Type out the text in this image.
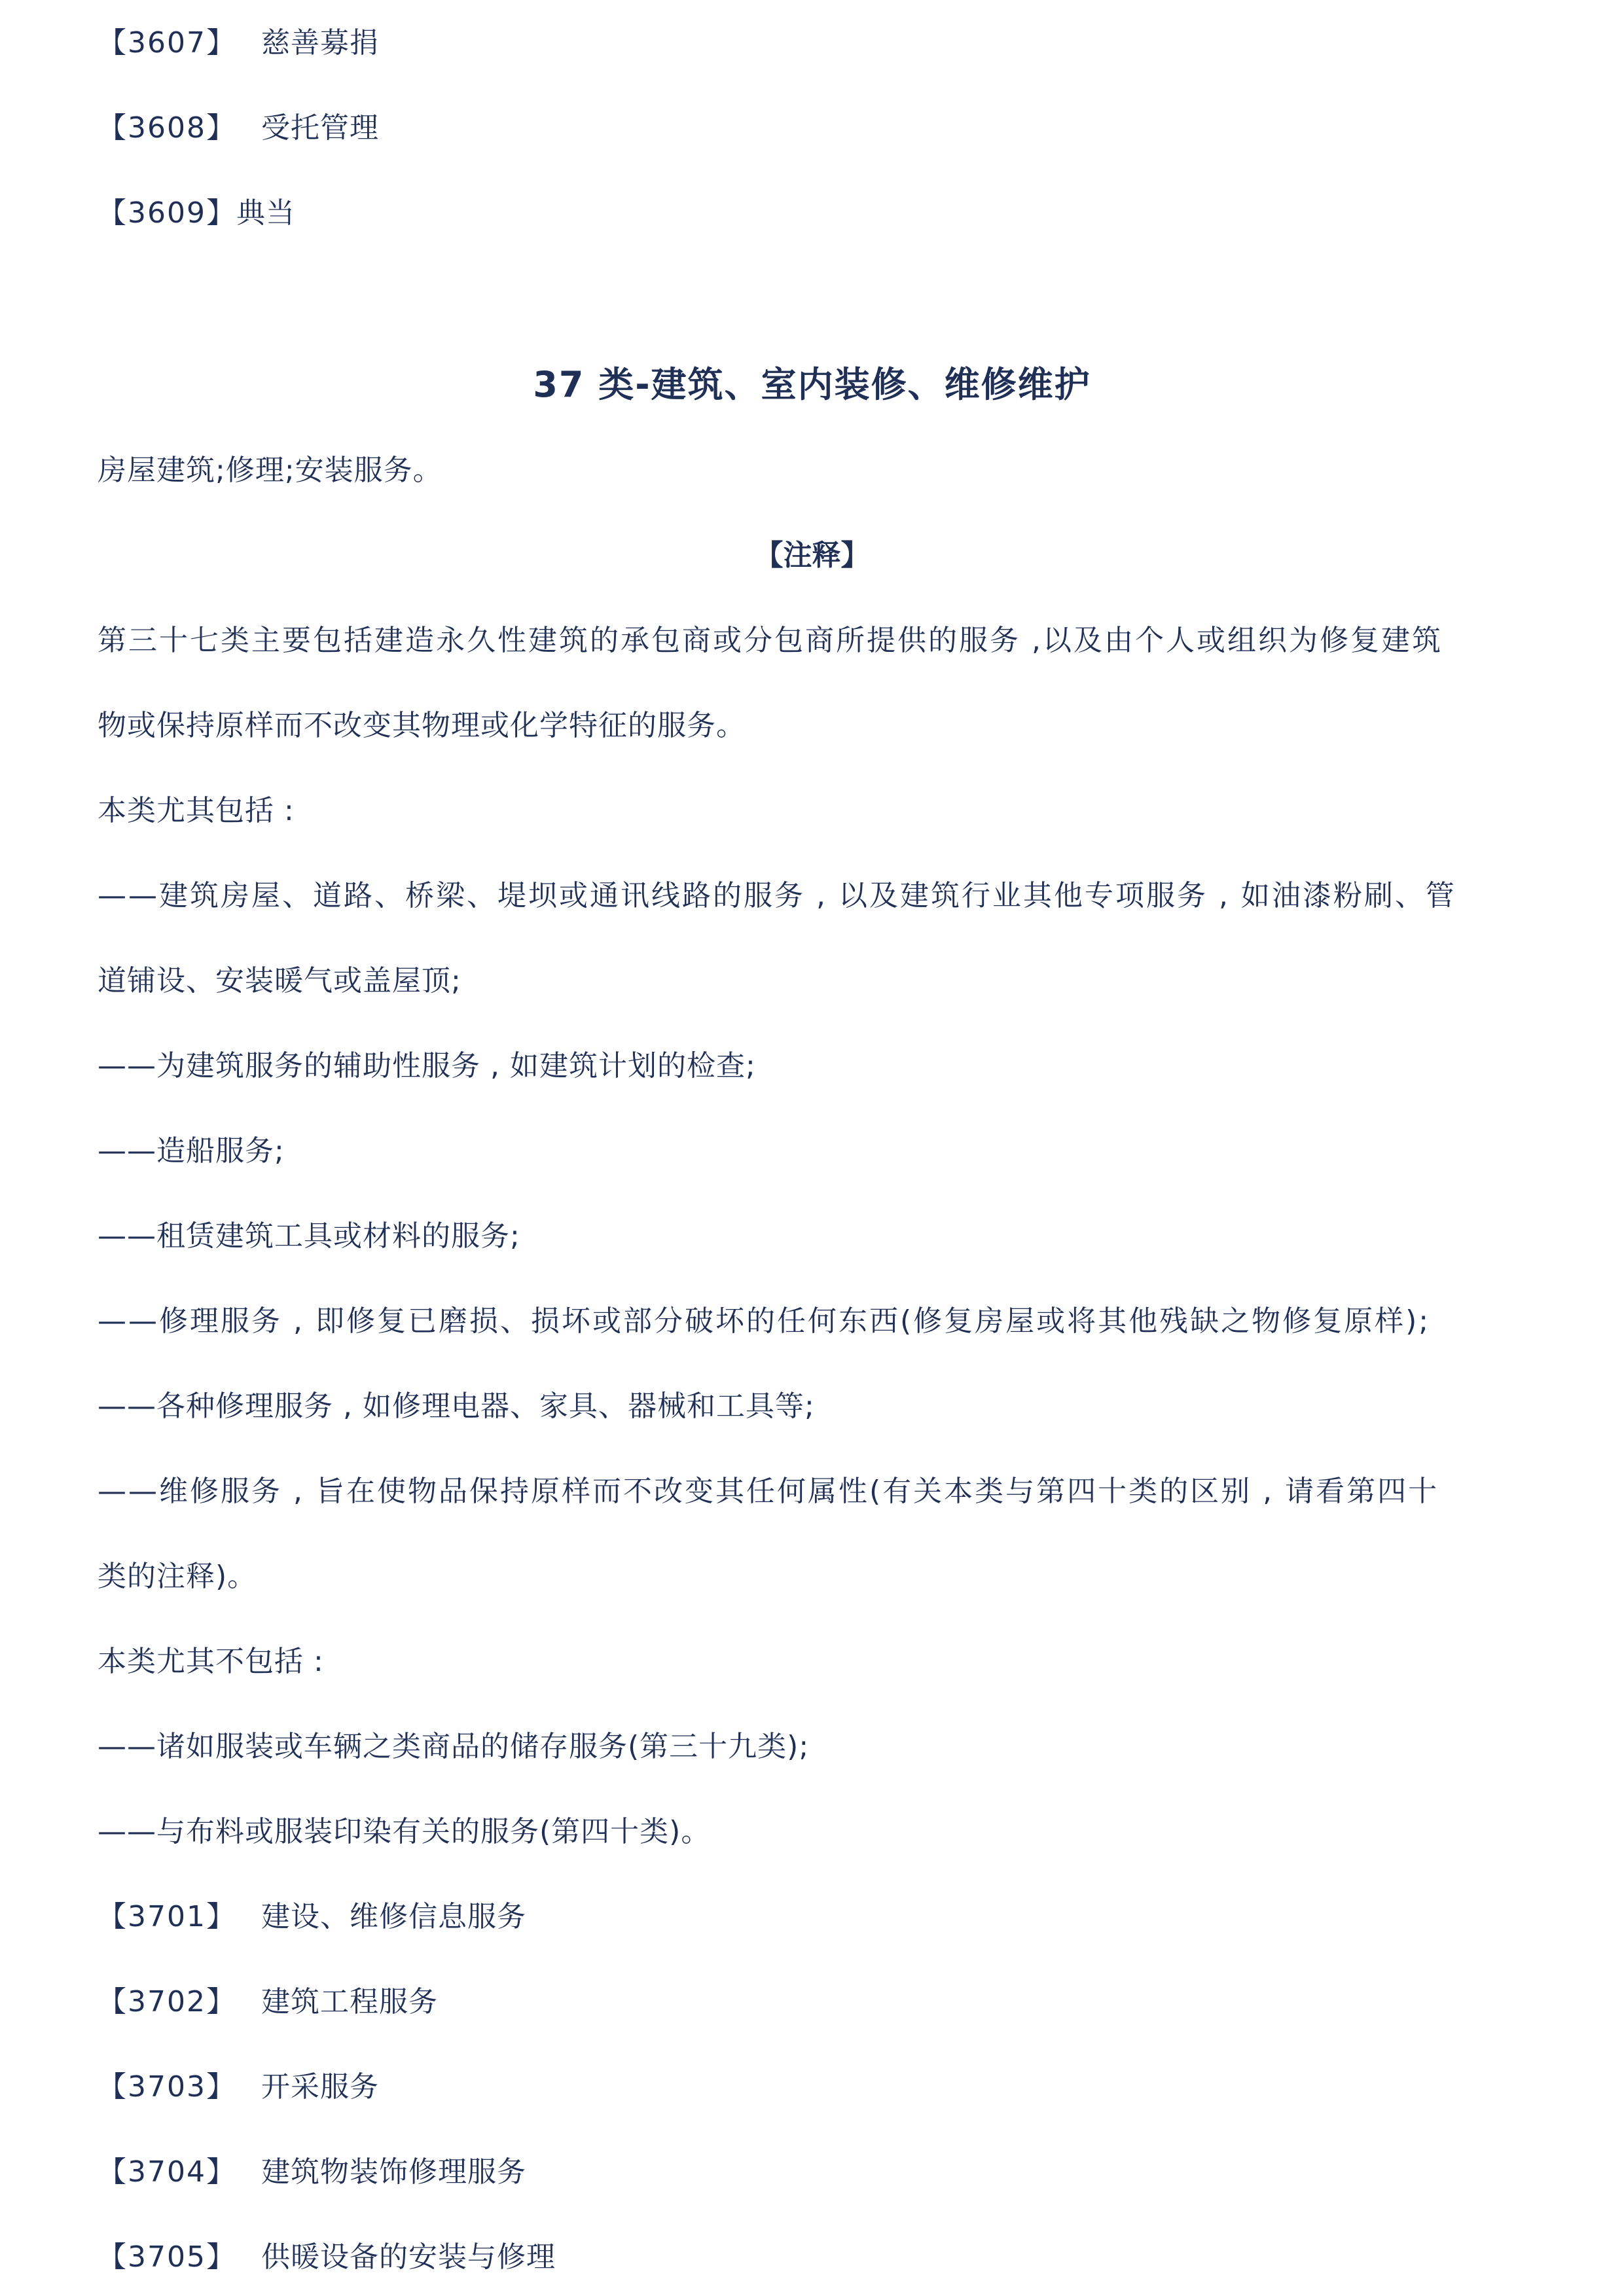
【3607】 慈善募捐
【3608】 受托管理
【3609】典当
37 类-建筑、室内装修、维修维护
房屋建筑;修理;安装服务。
【注释】
第三十七类主要包括建造永久性建筑的承包商或分包商所提供的服务 ,以及由个人或组织为修复建筑
物或保持原样而不改变其物理或化学特征的服务。
本类尤其包括 :
——建筑房屋、道路、桥梁、堤坝或通讯线路的服务 , 以及建筑行业其他专项服务 , 如油漆粉刷、管
道铺设、安装暖气或盖屋顶;
——为建筑服务的辅助性服务 , 如建筑计划的检查;
——造船服务;
——租赁建筑工具或材料的服务;
——修理服务 , 即修复已磨损、损坏或部分破坏的任何东西(修复房屋或将其他残缺之物修复原样);
——各种修理服务 , 如修理电器、家具、器械和工具等;
——维修服务 , 旨在使物品保持原样而不改变其任何属性(有关本类与第四十类的区别 , 请看第四十
类的注释)。
本类尤其不包括 :
——诸如服装或车辆之类商品的储存服务(第三十九类);
——与布料或服装印染有关的服务(第四十类)。
【3701】 建设、维修信息服务
【3702】 建筑工程服务
【3703】 开采服务
【3704】 建筑物装饰修理服务
【3705】 供暖设备的安装与修理
